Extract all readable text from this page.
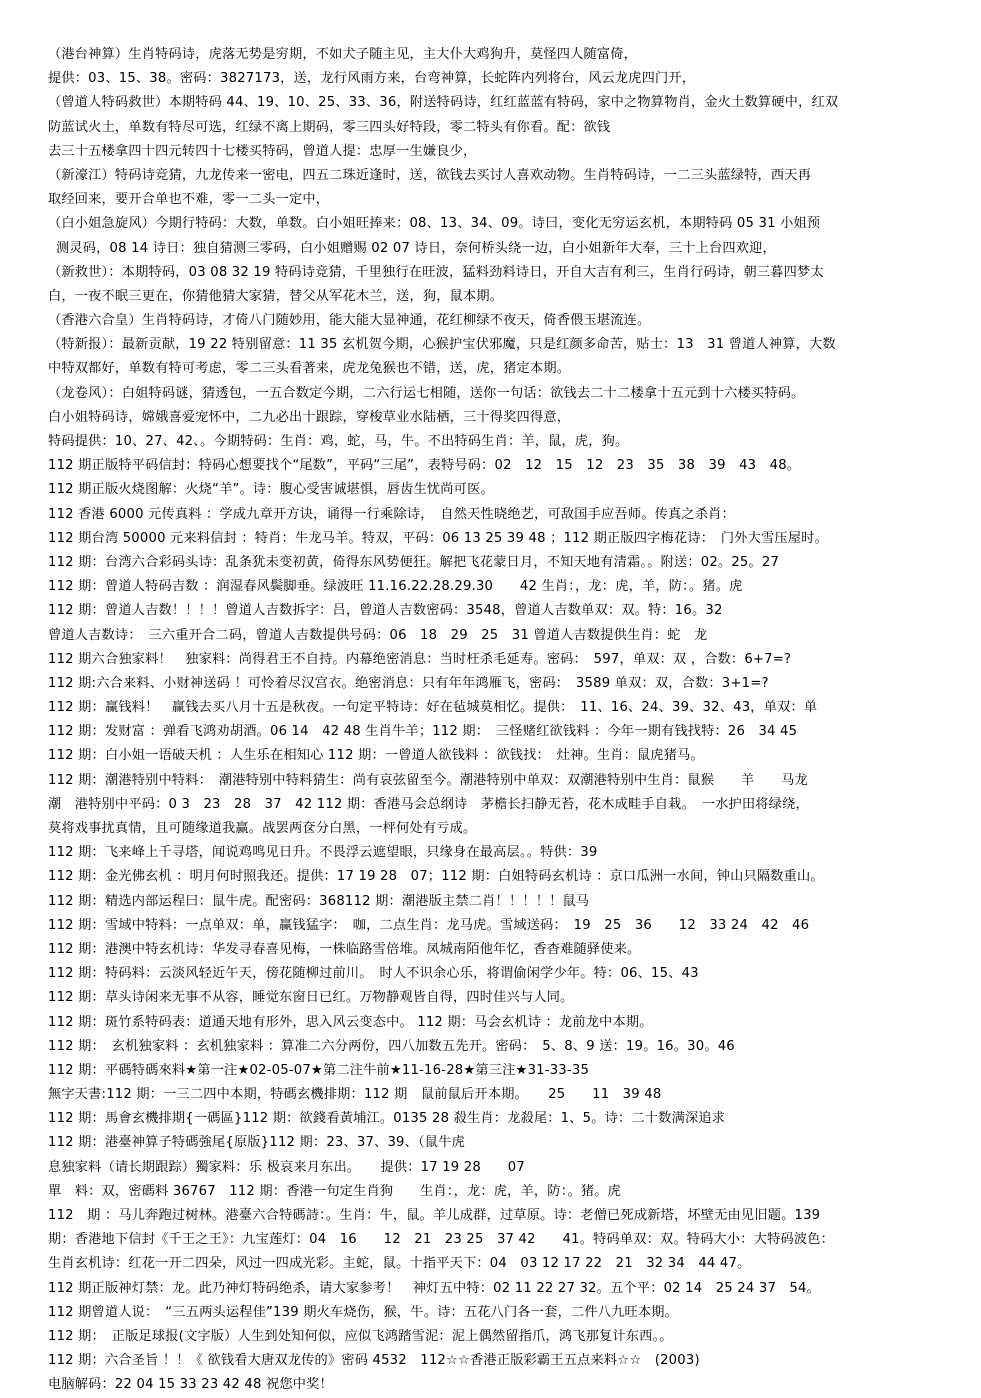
（港台神算）生肖特码诗，虎落无势是穷期，不如犬子随主见，主大仆大鸡狗升，莫怪四人随富倚，
提供：03、15、38。密码：3827173，送，龙行风雨方来，台弯神算，长蛇阵内列将台，风云龙虎四门开，
（曾道人特码救世）本期特码 44、19、10、25、33、36，附送特码诗，红红蓝蓝有特码，家中之物算物肖，金火土数算硬中，红双
防蓝试火土，单数有特尽可选，红绿不离上期码，零三四头好特段，零二特头有你看。配：欲钱
去三十五楼拿四十四元转四十七楼买特码，曾道人提：忠厚一生嫌良少，
（新濠江）特码诗竞猜，九龙传来一密电，四五二珠近逢时，送，欲钱去买讨人喜欢动物。生肖特码诗，一二三头蓝绿特，西天再
取经回来，要开合单也不难，零一二头一定中，
（白小姐急旋风）今期行特码：大数，单数。白小姐旺捧来：08、13、34、09。诗曰，变化无穷运玄机，本期特码 05 31 小姐预
测灵码，08 14 诗日：独自猜测三零码，白小姐赠赐 02 07 诗日，奈何桥头绕一边，白小姐新年大奉，三十上台四欢迎，
（新救世）：本期特码，03 08 32 19 特码诗竞猜，千里独行在旺波，猛料劲料诗日，开自大吉有利三，生肖行码诗，朝三暮四梦太
白，一夜不眠三更在，你猜他猜大家猜，替父从军花木兰，送，狗，鼠本期。
（香港六合皇）生肖特码诗，才倚八门随妙用，能大能大显神通，花红柳绿不夜天，倚香偎玉堪流连。
（特新报）：最新贡献，19 22 特别留意：11 35 玄机贺今期，心猴护宝伏邪魔，只是红颜多命苦，贴士：13　31 曾道人神算，大数
中特双都好，单数有特可考虑，零二三头看著来，虎龙兔猴也不错，送，虎，猪定本期。
（龙卷风）：白姐特码谜，猜透包，一五合数定今期，二六行运七相随，送你一句话：欲钱去二十二楼拿十五元到十六楼买特码。
白小姐特码诗，嫦娥喜爱宠怀中，二九必出十跟踪，穿梭草业水陆栖，三十得奖四得意，
特码提供：10、27、42、。今期特码：生肖：鸡，蛇，马，牛。不出特码生肖：羊，鼠，虎，狗。
112 期正版特平码信封：特码心想要找个“尾数”，平码“三尾”，表特号码：02　12　15　12　23　35　38　39　43　48。
112 期正版火烧图解：火烧“羊”。诗：腹心受害诚堪惧，唇齿生忧尚可医。
112 香港 6000 元传真料 ：学成九章开方诀，诵得一行乘除诗，　自然天性晓绝艺，可敌国手应吾师。传真之杀肖：
112 期台湾 50000 元来料信封 ：特肖：牛龙马羊。特双，平码：06 13 25 39 48 ；112 期正版四字梅花诗：　门外大雪压屋时。
112 期：台湾六合彩码头诗：乱条犹未变初黄，倚得东风势便狂。解把飞花蒙日月，不知天地有清霜。。附送：02。25。27
112 期：曾道人特码吉数 ：润湿春风鬓脚垂。绿波旺 11.16.22.28.29.30　　42 生肖：，龙：虎，羊，防：。猪。虎
112 期：曾道人吉数！！！！曾道人吉数拆字：吕，曾道人吉数密码：3548，曾道人吉数单双：双。特：16。32
曾道人吉数诗：　三六重开合二码，曾道人吉数提供号码：06　18　29　25　31 曾道人吉数提供生肖：蛇　龙
112 期六合独家料！　独家料：尚得君王不自持。内幕绝密消息：当时枉杀毛延寿。密码：　597，单双：双 ，合数：6+7=?
112 期:六合来料、小财神送码 ！可怜着尽汉宫衣。绝密消息：只有年年鸿雁飞，密码：　3589 单双：双，合数：3+1=?
112 期：赢钱料！　赢钱去买八月十五是秋夜。一句定平特诗：好在毡城莫相忆。提供：　11、16、24、39、32、43，单双：单
112 期：发财富 ：弹看飞鸿劝胡酒。06 14　42 48 生肖牛羊；112 期：　三怪赌红欲钱料 ：今年一期有钱找特：26　34 45
112 期：白小姐一语破天机 ：人生乐在相知心 112 期：一曾道人欲钱料 ：欲钱找：　灶神。生肖：鼠虎猪马。
112 期：潮港特别中特料：　潮港特别中特料猜生：尚有哀弦留至今。潮港特别中单双：双潮港特别中生肖：鼠猴　　羊　　马龙
潮　港特别中平码：0 3　23　28　37　42 112 期：香港马会总纲诗　茅檐长扫静无苔，花木成畦手自栽。　一水护田将绿绕，
莫将戏事扰真情，且可随缘道我赢。战罢两奁分白黑，一枰何处有亏成。
112 期：飞来峰上千寻塔，闻说鸡鸣见日升。不畏浮云遮望眼，只缘身在最高层。。特供：39
112 期：金光佛玄机 ：明月何时照我还。提供：17 19 28　07；112 期：白姐特码玄机诗 ：京口瓜洲一水间，钟山只隔数重山。
112 期：精选内部运程曰：鼠牛虎。配密码：368112 期：潮港版主禁二肖！！！！！鼠马
112 期：雪域中特料：一点单双：单，赢钱猛字：　咖，二点生肖：龙马虎。雪域送码：　19　25　36　　12　33 24　42　46
112 期：港澳中特玄机诗：华发寻春喜见梅，一株临路雪倍堆。凤城南陌他年忆，香杳难随驿使来。
112 期：特码料：云淡风轻近午天，傍花随柳过前川。　时人不识余心乐，将谓偷闲学少年。特：06、15、43
112 期：草头诗闲来无事不从容，睡觉东窗日已红。万物静观皆自得，四时佳兴与人同。
112 期：斑竹系特码表：道通天地有形外，思入风云变态中。 112 期：马会玄机诗 ：龙前龙中本期。
112 期：　玄机独家料 ：玄机独家料 ：算准二六分两份，四八加数五先开。密码：　5、8、9 送：19。16。30。46
112 期：平碼特碼來料★第一注★02-05-07★第二注牛前★11-16-28★第三注★31-33-35
無字天書:112 期：一三二四中本期，特碼玄機排期：112 期　鼠前鼠后开本期。　　25　　11　39 48
112 期：馬會玄機排期{一碼區}112 期：欲錢看黃埔江。0135 28 殺生肖：龙殺尾：1、5。诗：二十数满深追求
112 期：港臺神算子特碼強尾{原版}112 期：23、37、39、（鼠牛虎
息独家料（请长期跟踪）獨家料：乐 极哀来月东出。　　提供：17 19 28　　07
單　料：双，密碼料 36767　112 期：香港一句定生肖狗　　生肖：，龙：虎，羊，防：。猪。虎
112　期 ：马儿奔跑过树林。港臺六合特碼詩：。生肖：牛，鼠。羊儿成群，过草原。诗：老僧已死成新塔，坏壁无由见旧题。139
期：香港地下信封《千王之王》：九宝莲灯：04　16　　12　21　23 25　37 42　　41。特码单双：双。特码大小：大特码波色：
生肖玄机诗：红花一开二四朵，风过一四成光彩。主蛇，鼠。十指平天下：04　03 12 17 22　21　32 34　44 47。
112 期正版神灯禁：龙。此乃神灯特码绝杀，请大家参考！　神灯五中特：02 11 22 27 32。五个平：02 14　25 24 37　54。
112 期曾道人说：　“三五两头运程佳”139 期火车烧伤，猴，牛。诗：五花八门各一套，二件八九旺本期。
112 期：　正版足球报(文字版）人生到处知何似，应似飞鸿踏雪泥：泥上偶然留指爪，鸿飞那复计东西。。
112 期：六合圣旨 ！！《 欲钱看大唐双龙传的》密码 4532　112☆☆香港正版彩霸王五点来料☆☆　(2003)
电脑解码：22 04 15 33 23 42 48 祝您中奖！
